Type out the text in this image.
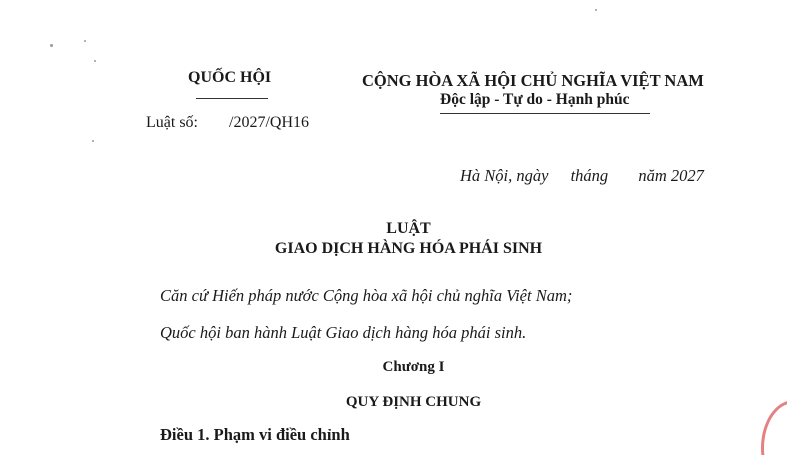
QUỐC HỘI	CỘNG HÒA XÃ HỘI CHỦ NGHĨA VIỆT NAM
Độc lập - Tự do - Hạnh phúc
Luật số: /2027/QH16
Hà Nội, ngày tháng năm 2027
LUẬT
GIAO DỊCH HÀNG HÓA PHÁI SINH
Căn cứ Hiến pháp nước Cộng hòa xã hội chủ nghĩa Việt Nam;
Quốc hội ban hành Luật Giao dịch hàng hóa phái sinh.
Chương I
QUY ĐỊNH CHUNG
Điều 1. Phạm vi điều chỉnh
